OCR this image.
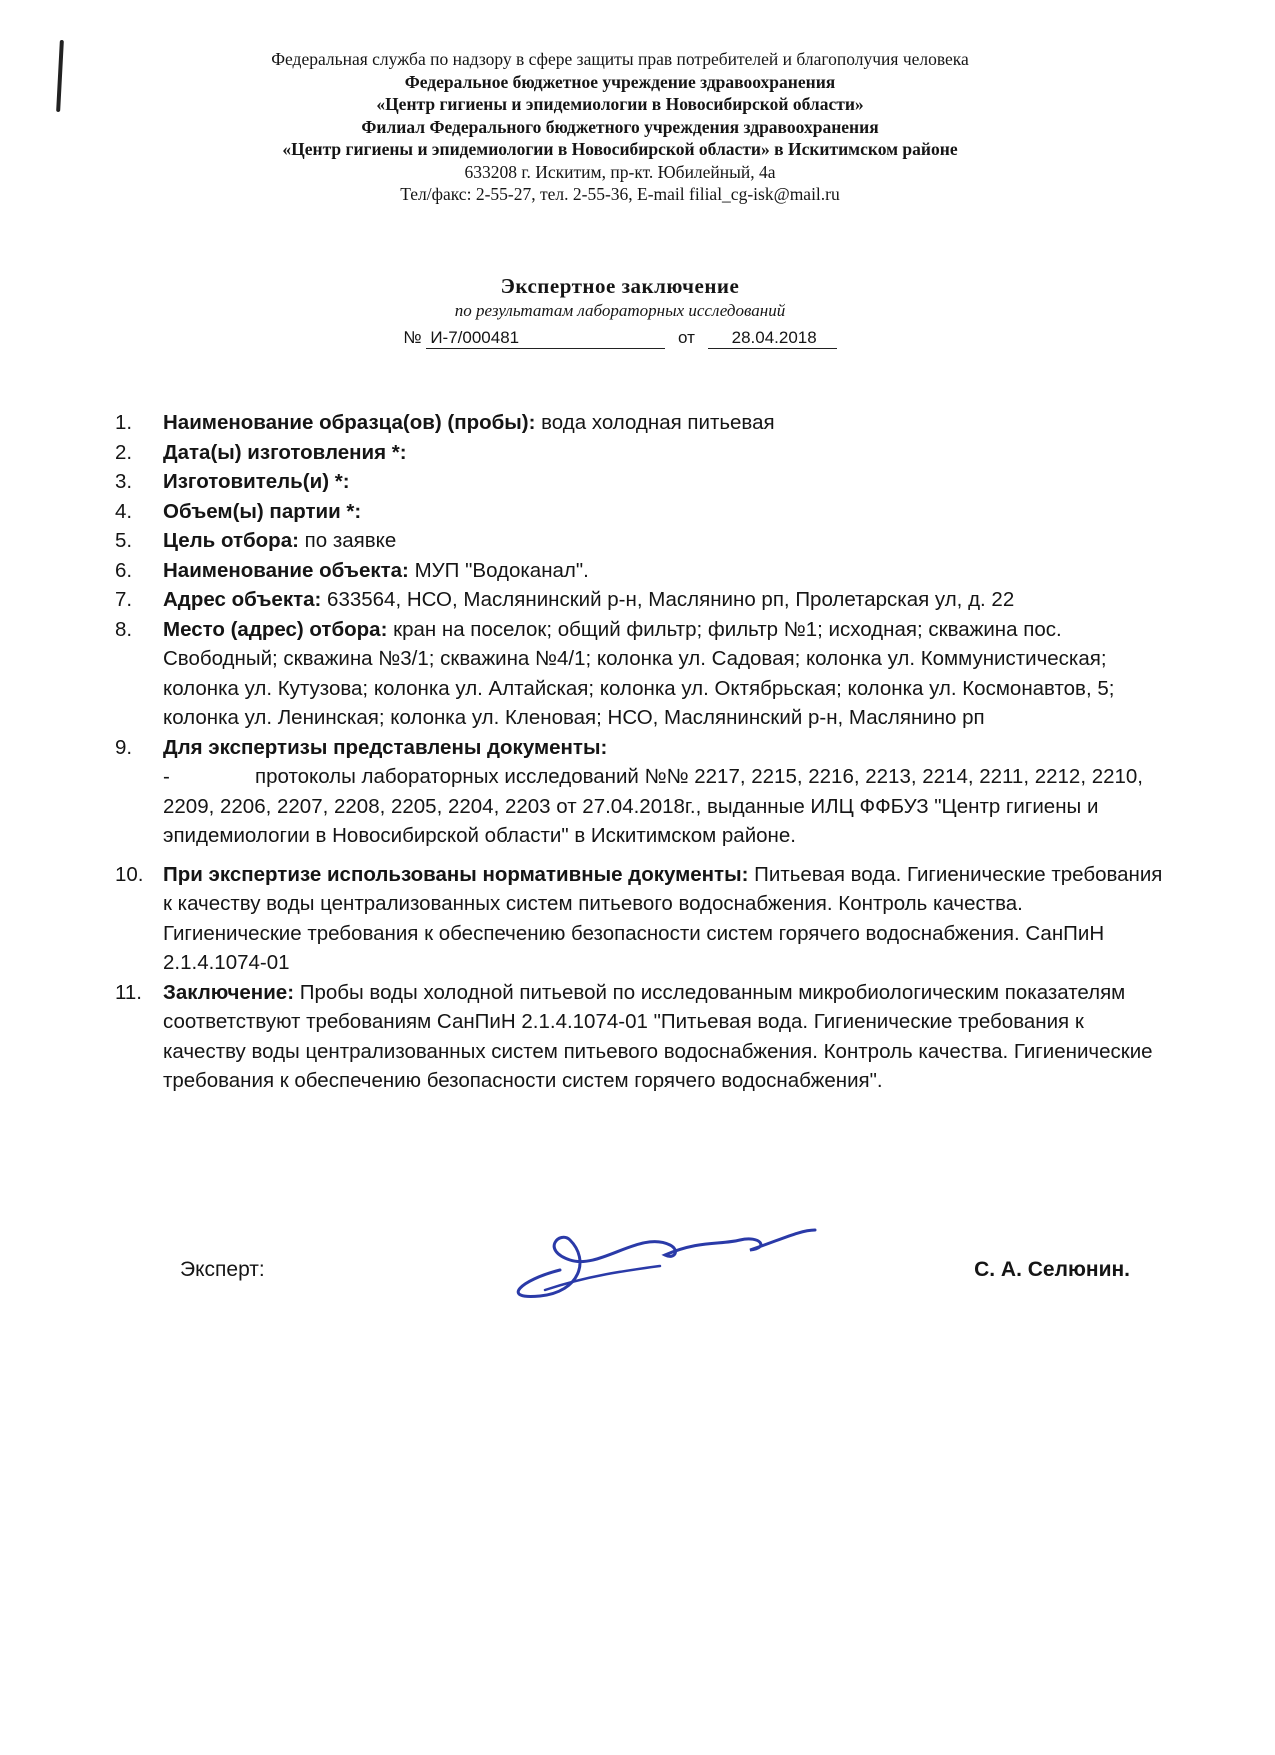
Федеральная служба по надзору в сфере защиты прав потребителей и благополучия человека
Федеральное бюджетное учреждение здравоохранения
«Центр гигиены и эпидемиологии в Новосибирской области»
Филиал Федерального бюджетного учреждения здравоохранения
«Центр гигиены и эпидемиологии в Новосибирской области» в Искитимском районе
633208 г. Искитим, пр-кт. Юбилейный, 4а
Тел/факс: 2-55-27, тел. 2-55-36, E-mail filial_cg-isk@mail.ru
Экспертное заключение
по результатам лабораторных исследований
№ И-7/000481	от 28.04.2018
1.	Наименование образца(ов) (пробы): вода холодная питьевая
2.	Дата(ы) изготовления *:
3.	Изготовитель(и) *:
4.	Объем(ы) партии *:
5.	Цель отбора: по заявке
6.	Наименование объекта: МУП "Водоканал".
7.	Адрес объекта: 633564, НСО, Маслянинский р-н, Маслянино рп, Пролетарская ул, д. 22
8.	Место (адрес) отбора: кран на поселок; общий фильтр; фильтр №1; исходная; скважина пос. Свободный; скважина №3/1; скважина №4/1; колонка ул. Садовая; колонка ул. Коммунистическая; колонка ул. Кутузова; колонка ул. Алтайская; колонка ул. Октябрьская; колонка ул. Космонавтов, 5; колонка ул. Ленинская; колонка ул. Кленовая; НСО, Маслянинский р-н, Маслянино рп
9.	Для экспертизы представлены документы:
-	протоколы лабораторных исследований №№ 2217, 2215, 2216, 2213, 2214, 2211, 2212, 2210, 2209, 2206, 2207, 2208, 2205, 2204, 2203 от 27.04.2018г., выданные ИЛЦ ФФБУЗ "Центр гигиены и эпидемиологии в Новосибирской области" в Искитимском районе.
10. При экспертизе использованы нормативные документы: Питьевая вода. Гигиенические требования к качеству воды централизованных систем питьевого водоснабжения. Контроль качества. Гигиенические требования к обеспечению безопасности систем горячего водоснабжения. СанПиН 2.1.4.1074-01
11.	Заключение: Пробы воды холодной питьевой по исследованным микробиологическим показателям соответствуют требованиям СанПиН 2.1.4.1074-01 "Питьевая вода. Гигиенические требования к качеству воды централизованных систем питьевого водоснабжения. Контроль качества. Гигиенические требования к обеспечению безопасности систем горячего водоснабжения".
Эксперт:	С. А. Селюнин.
